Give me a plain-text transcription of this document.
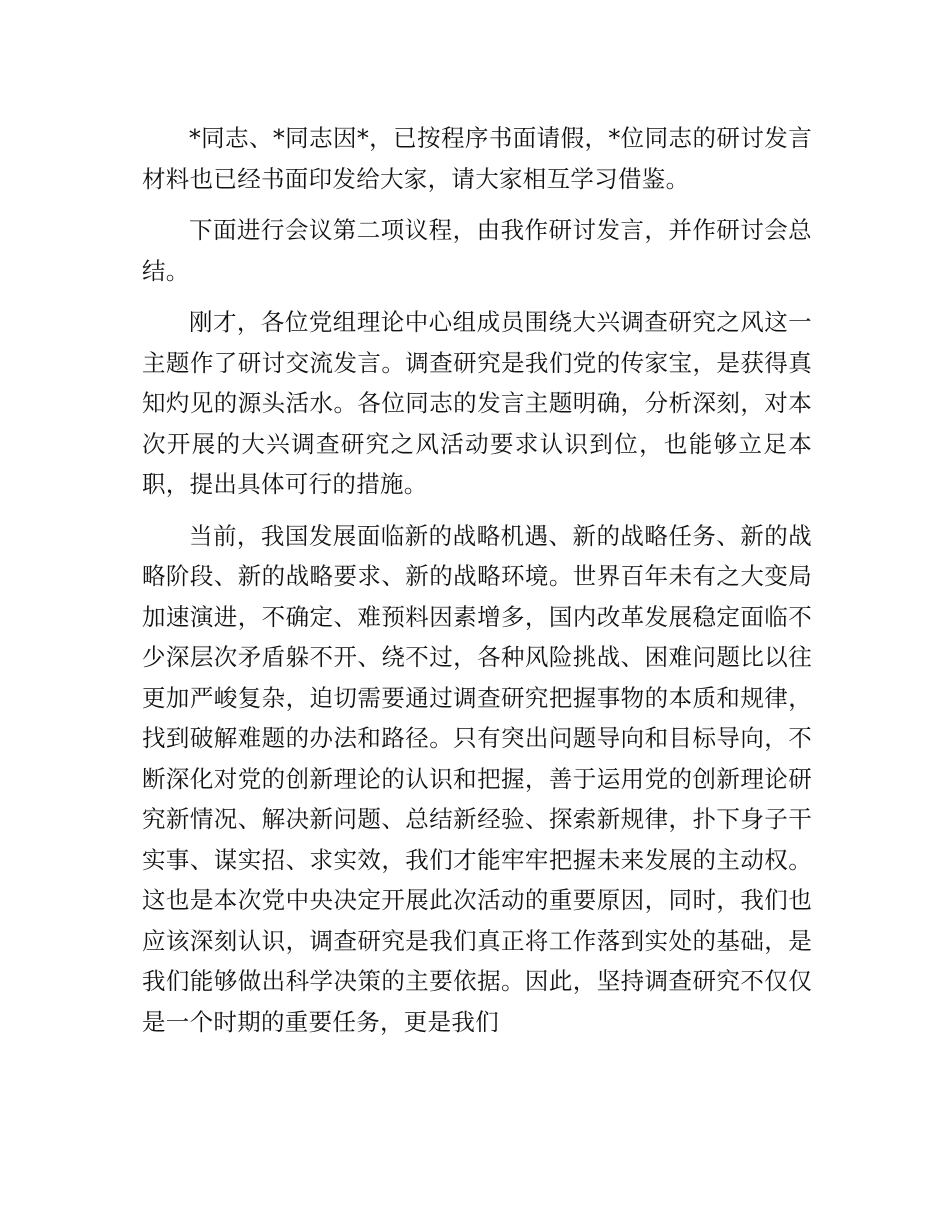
*同志、*同志因*，已按程序书面请假，*位同志的研讨发言材料也已经书面印发给大家，请大家相互学习借鉴。

下面进行会议第二项议程，由我作研讨发言，并作研讨会总结。

刚才，各位党组理论中心组成员围绕大兴调查研究之风这一主题作了研讨交流发言。调查研究是我们党的传家宝，是获得真知灼见的源头活水。各位同志的发言主题明确，分析深刻，对本次开展的大兴调查研究之风活动要求认识到位，也能够立足本职，提出具体可行的措施。

当前，我国发展面临新的战略机遇、新的战略任务、新的战略阶段、新的战略要求、新的战略环境。世界百年未有之大变局加速演进，不确定、难预料因素增多，国内改革发展稳定面临不少深层次矛盾躲不开、绕不过，各种风险挑战、困难问题比以往更加严峻复杂，迫切需要通过调查研究把握事物的本质和规律，找到破解难题的办法和路径。只有突出问题导向和目标导向，不断深化对党的创新理论的认识和把握，善于运用党的创新理论研究新情况、解决新问题、总结新经验、探索新规律，扑下身子干实事、谋实招、求实效，我们才能牢牢把握未来发展的主动权。这也是本次党中央决定开展此次活动的重要原因，同时，我们也应该深刻认识，调查研究是我们真正将工作落到实处的基础，是我们能够做出科学决策的主要依据。因此，坚持调查研究不仅仅是一个时期的重要任务，更是我们
